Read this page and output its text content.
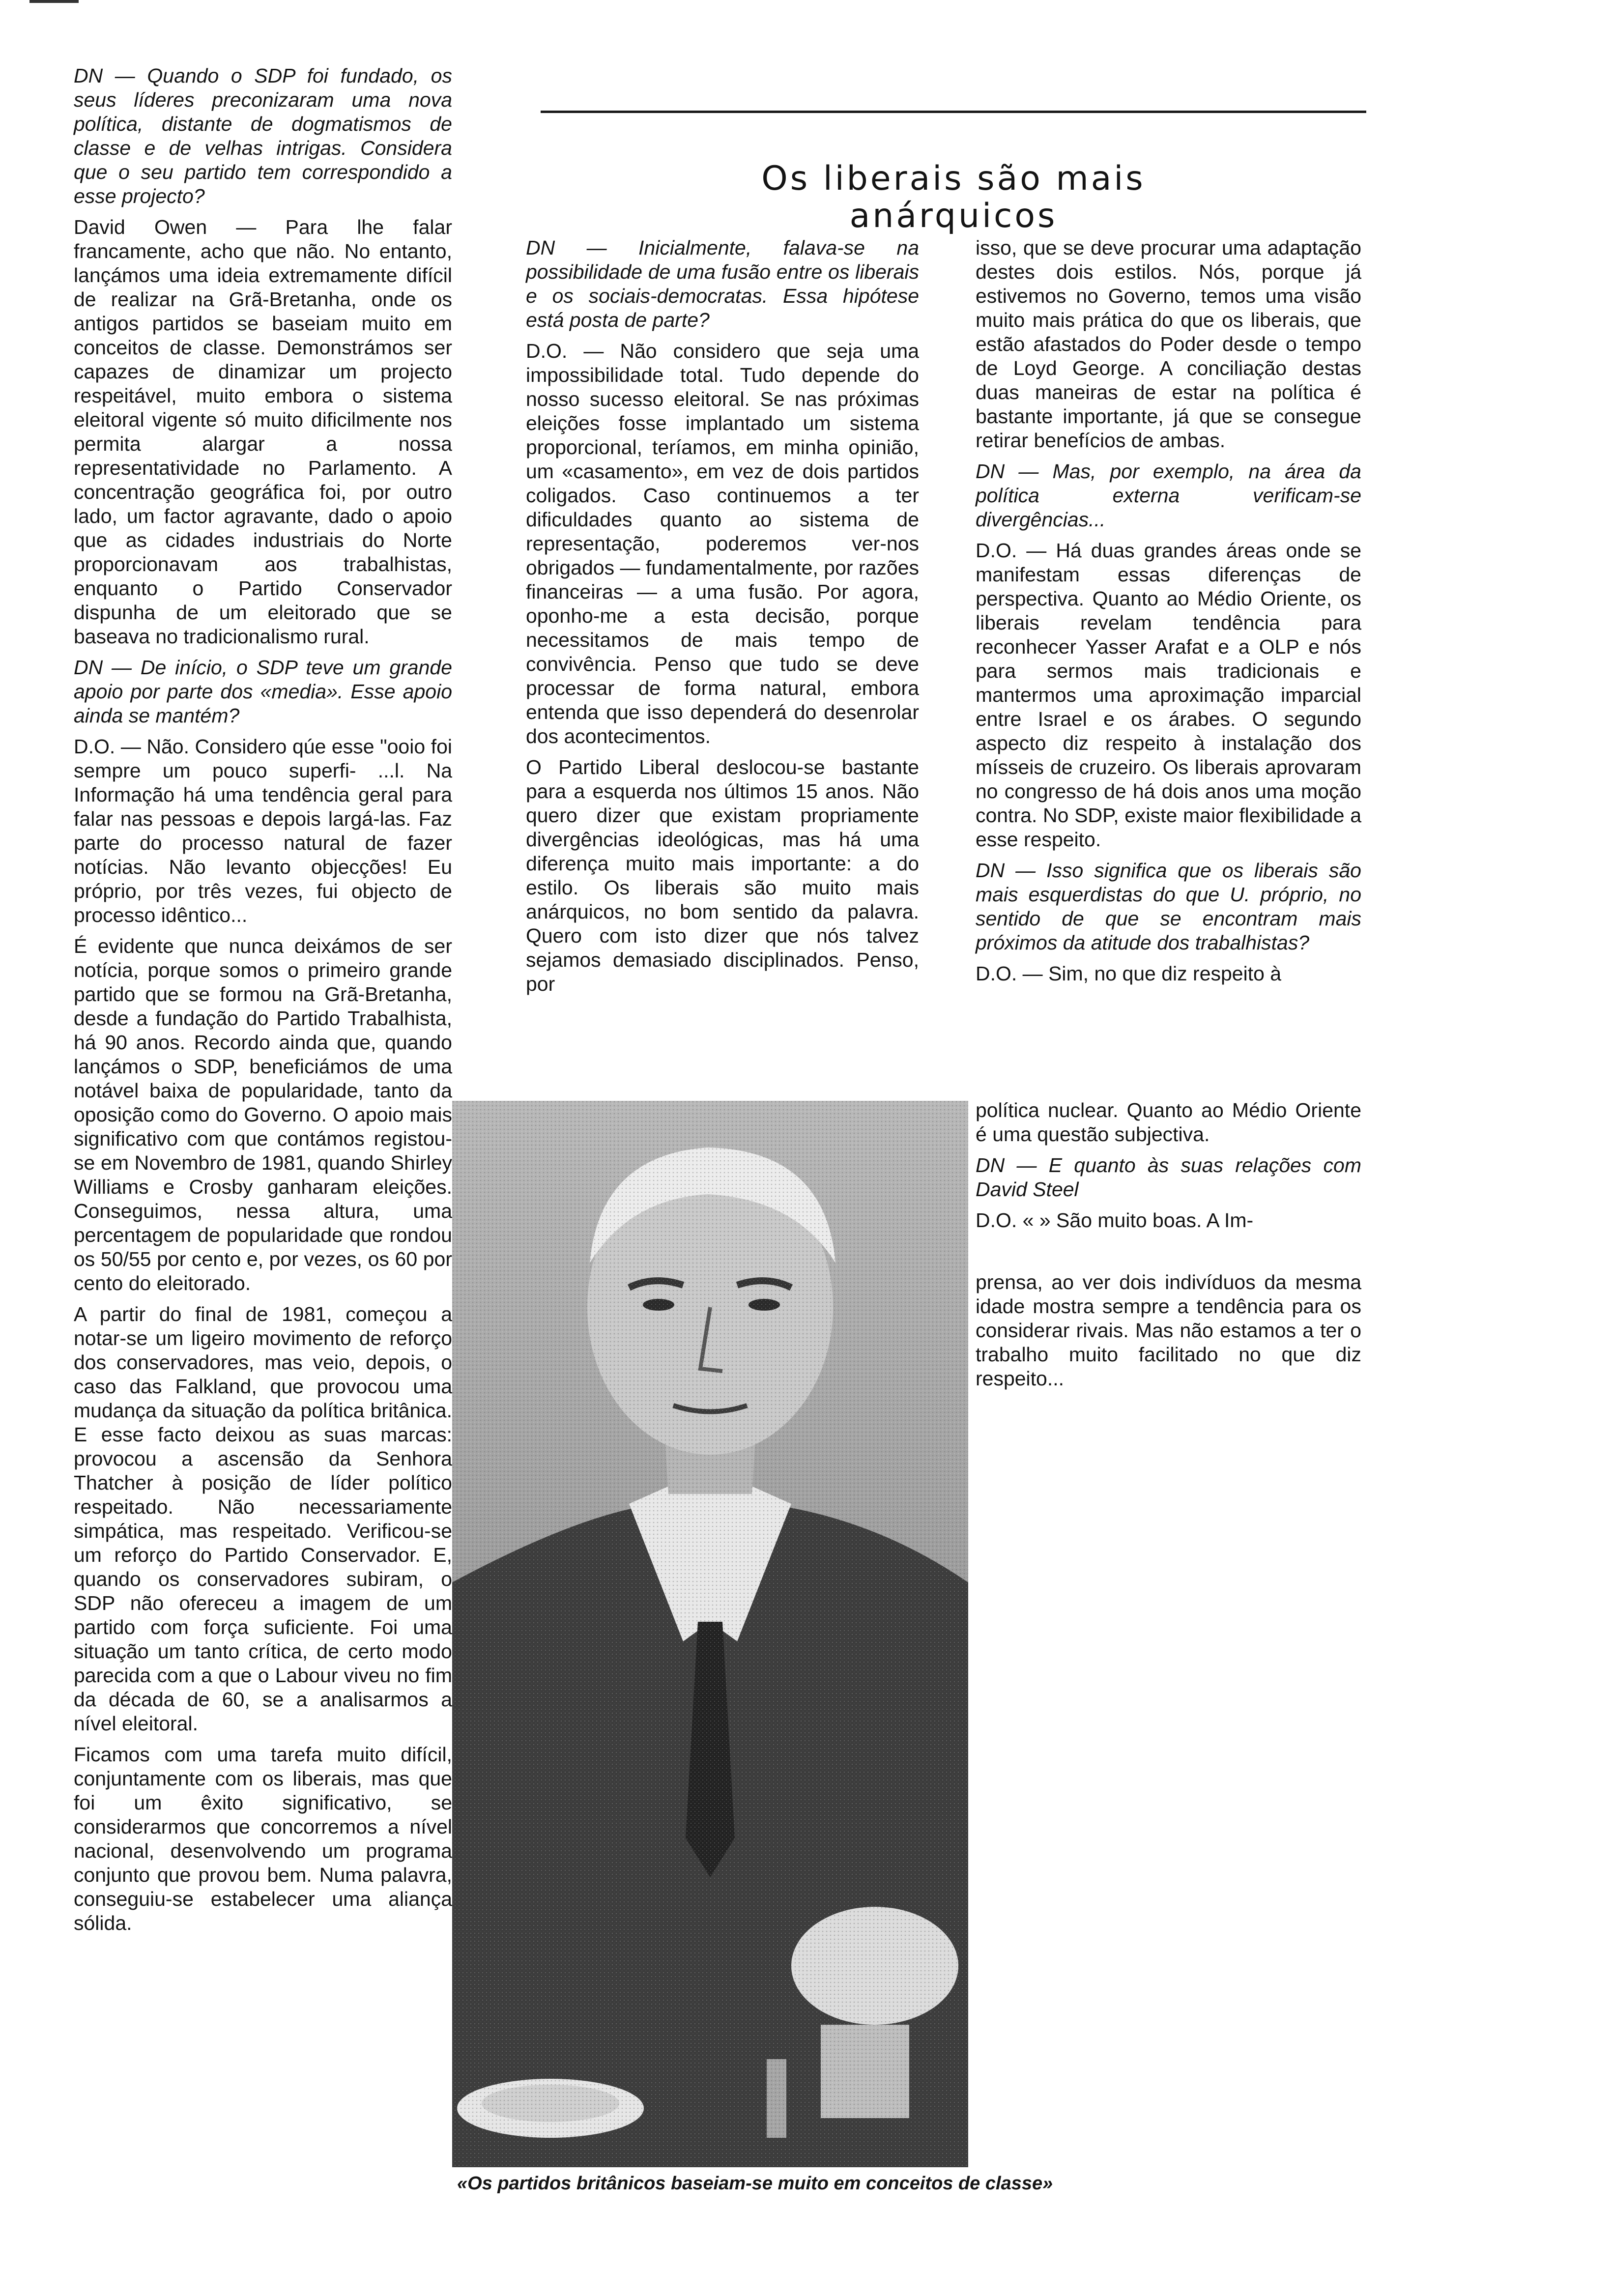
DN — Quando o SDP foi fundado, os seus líderes preconizaram uma nova política, distante de dogmatismos de classe e de velhas intrigas. Considera que o seu partido tem correspondido a esse projecto?

David Owen — Para lhe falar francamente, acho que não. No entanto, lançámos uma ideia extremamente difícil de realizar na Grã-Bretanha, onde os antigos partidos se baseiam muito em conceitos de classe. Demonstrámos ser capazes de dinamizar um projecto respeitável, muito embora o sistema eleitoral vigente só muito dificilmente nos permita alargar a nossa representatividade no Parlamento. A concentração geográfica foi, por outro lado, um factor agravante, dado o apoio que as cidades industriais do Norte proporcionavam aos trabalhistas, enquanto o Partido Conservador dispunha de um eleitorado que se baseava no tradicionalismo rural.

DN — De início, o SDP teve um grande apoio por parte dos «media». Esse apoio ainda se mantém?

D.O. — Não. Considero qúe esse "ooio foi sempre um pouco superfi- ...l. Na Informação há uma tendência geral para falar nas pessoas e depois largá-las. Faz parte do processo natural de fazer notícias. Não levanto objecções! Eu próprio, por três vezes, fui objecto de processo idêntico...

É evidente que nunca deixámos de ser notícia, porque somos o primeiro grande partido que se formou na Grã-Bretanha, desde a fundação do Partido Trabalhista, há 90 anos. Recordo ainda que, quando lançámos o SDP, beneficiámos de uma notável baixa de popularidade, tanto da oposição como do Governo. O apoio mais significativo com que contámos registou-se em Novembro de 1981, quando Shirley Williams e Crosby ganharam eleições. Conseguimos, nessa altura, uma percentagem de popularidade que rondou os 50/55 por cento e, por vezes, os 60 por cento do eleitorado.

A partir do final de 1981, começou a notar-se um ligeiro movimento de reforço dos conservadores, mas veio, depois, o caso das Falkland, que provocou uma mudança da situação da política britânica. E esse facto deixou as suas marcas: provocou a ascensão da Senhora Thatcher à posição de líder político respeitado. Não necessariamente simpática, mas respeitado. Verificou-se um reforço do Partido Conservador. E, quando os conservadores subiram, o SDP não ofereceu a imagem de um partido com força suficiente. Foi uma situação um tanto crítica, de certo modo parecida com a que o Labour viveu no fim da década de 60, se a analisarmos a nível eleitoral.

Ficamos com uma tarefa muito difícil, conjuntamente com os liberais, mas que foi um êxito significativo, se considerarmos que concorremos a nível nacional, desenvolvendo um programa conjunto que provou bem. Numa palavra, conseguiu-se estabelecer uma aliança sólida.

Os liberais são mais
anárquicos

DN — Inicialmente, falava-se na possibilidade de uma fusão entre os liberais e os sociais-democratas. Essa hipótese está posta de parte?

D.O. — Não considero que seja uma impossibilidade total. Tudo depende do nosso sucesso eleitoral. Se nas próximas eleições fosse implantado um sistema proporcional, teríamos, em minha opinião, um «casamento», em vez de dois partidos coligados. Caso continuemos a ter dificuldades quanto ao sistema de representação, poderemos ver-nos obrigados — fundamentalmente, por razões financeiras — a uma fusão. Por agora, oponho-me a esta decisão, porque necessitamos de mais tempo de convivência. Penso que tudo se deve processar de forma natural, embora entenda que isso dependerá do desenrolar dos acontecimentos.

O Partido Liberal deslocou-se bastante para a esquerda nos últimos 15 anos. Não quero dizer que existam propriamente divergências ideológicas, mas há uma diferença muito mais importante: a do estilo. Os liberais são muito mais anárquicos, no bom sentido da palavra. Quero com isto dizer que nós talvez sejamos demasiado disciplinados. Penso, por

isso, que se deve procurar uma adaptação destes dois estilos. Nós, porque já estivemos no Governo, temos uma visão muito mais prática do que os liberais, que estão afastados do Poder desde o tempo de Loyd George. A conciliação destas duas maneiras de estar na política é bastante importante, já que se consegue retirar benefícios de ambas.

DN — Mas, por exemplo, na área da política externa verificam-se divergências...

D.O. — Há duas grandes áreas onde se manifestam essas diferenças de perspectiva. Quanto ao Médio Oriente, os liberais revelam tendência para reconhecer Yasser Arafat e a OLP e nós para sermos mais tradicionais e mantermos uma aproximação imparcial entre Israel e os árabes. O segundo aspecto diz respeito à instalação dos mísseis de cruzeiro. Os liberais aprovaram no congresso de há dois anos uma moção contra. No SDP, existe maior flexibilidade a esse respeito.

DN — Isso significa que os liberais são mais esquerdistas do que U. próprio, no sentido de que se encontram mais próximos da atitude dos trabalhistas?

D.O. — Sim, no que diz respeito à

política nuclear. Quanto ao Médio Oriente é uma questão subjectiva.

DN — E quanto às suas relações com David Steel

D.O. « » São muito boas. A Im-

prensa, ao ver dois indivíduos da mesma idade mostra sempre a tendência para os considerar rivais. Mas não estamos a ter o trabalho muito facilitado no que diz respeito...

«Os partidos britânicos baseiam-se muito em conceitos de classe»
